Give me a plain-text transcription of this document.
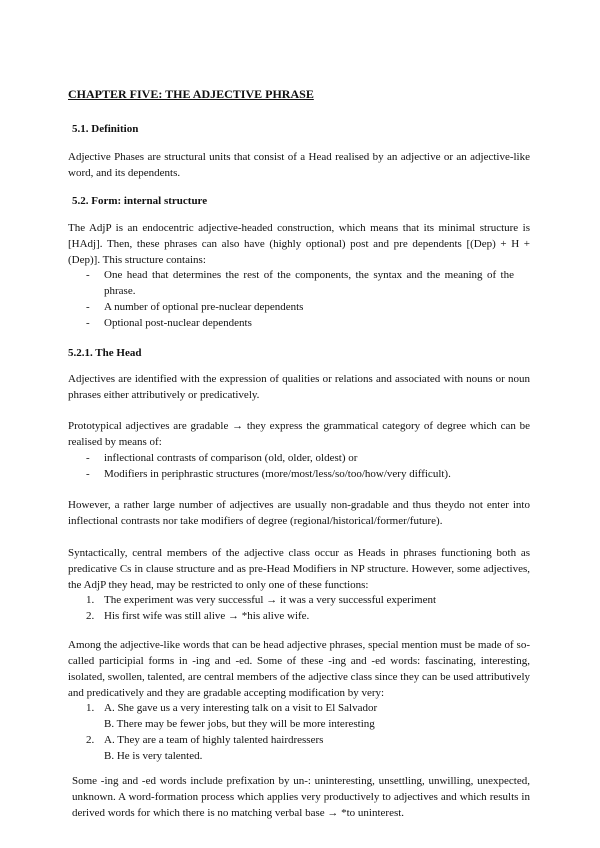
CHAPTER FIVE: THE ADJECTIVE PHRASE

5.1. Definition

Adjective Phases are structural units that consist of a Head realised by an adjective or an adjective-like word, and its dependents.

5.2. Form: internal structure

The AdjP is an endocentric adjective-headed construction, which means that its minimal structure is [HAdj]. Then, these phrases can also have (highly optional) post and pre dependents [(Dep) + H + (Dep)]. This structure contains:

- One head that determines the rest of the components, the syntax and the meaning of the phrase.
- A number of optional pre-nuclear dependents
- Optional post-nuclear dependents

5.2.1. The Head

Adjectives are identified with the expression of qualities or relations and associated with nouns or noun phrases either attributively or predicatively.

Prototypical adjectives are gradable → they express the grammatical category of degree which can be realised by means of:

- inflectional contrasts of comparison (old, older, oldest) or
- Modifiers in periphrastic structures (more/most/less/so/too/how/very difficult).

However, a rather large number of adjectives are usually non-gradable and thus theydo not enter into inflectional contrasts nor take modifiers of degree (regional/historical/former/future).

Syntactically, central members of the adjective class occur as Heads in phrases functioning both as predicative Cs in clause structure and as pre-Head Modifiers in NP structure. However, some adjectives, the AdjP they head, may be restricted to only one of these functions:

1. The experiment was very successful → it was a very successful experiment
2. His first wife was still alive → *his alive wife.

Among the adjective-like words that can be head adjective phrases, special mention must be made of so-called participial forms in -ing and -ed. Some of these -ing and -ed words: fascinating, interesting, isolated, swollen, talented, are central members of the adjective class since they can be used attributively and predicatively and they are gradable accepting modification by very:

1. A. She gave us a very interesting talk on a visit to El Salvador
B. There may be fewer jobs, but they will be more interesting
2. A. They are a team of highly talented hairdressers
B. He is very talented.

Some -ing and -ed words include prefixation by un-: uninteresting, unsettling, unwilling, unexpected, unknown. A word-formation process which applies very productively to adjectives and which results in derived words for which there is no matching verbal base → *to uninterest.
